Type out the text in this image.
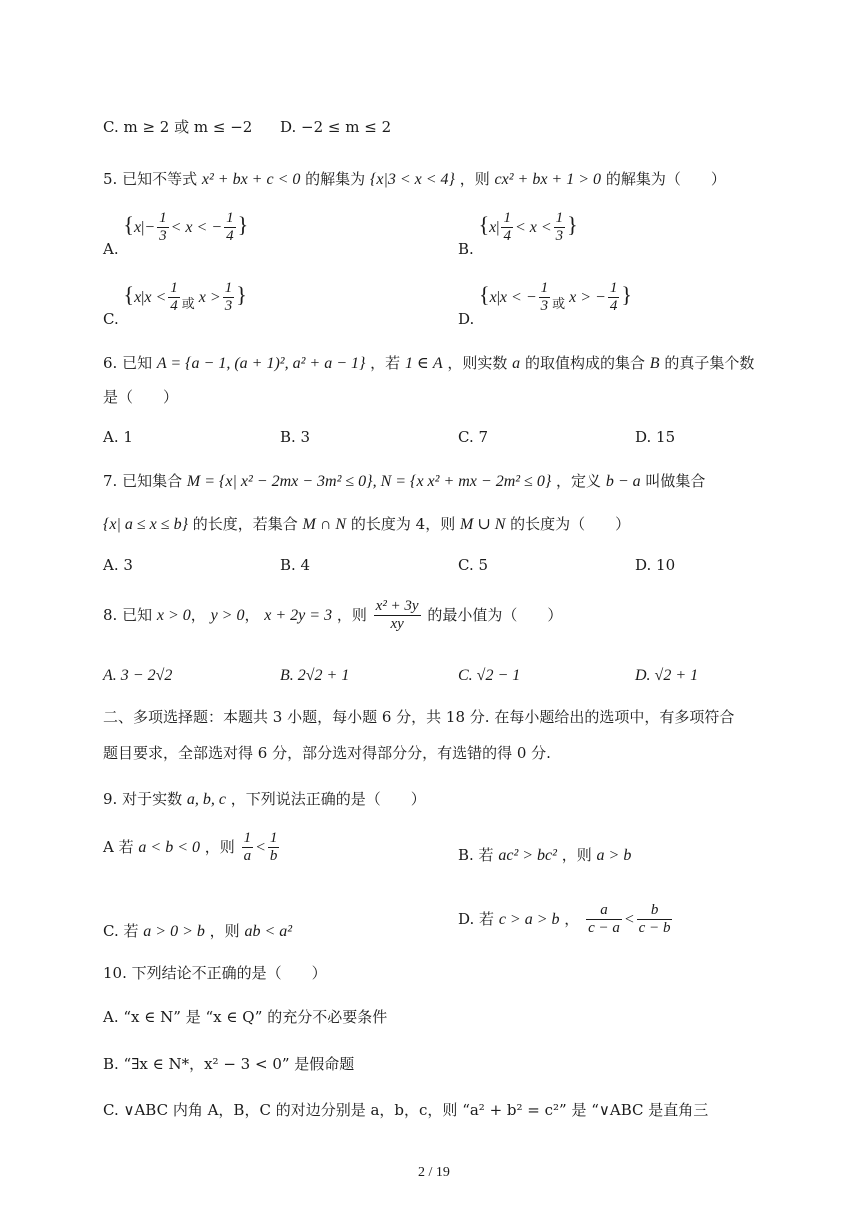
C. m ≥ 2 或 m ≤ −2 D. −2 ≤ m ≤ 2
5. 已知不等式 x² + bx + c < 0 的解集为 {x|3 < x < 4} ，则 cx² + bx + 1 > 0 的解集为（　　）
A. {$x|- \frac{1}{3} < x$ < − $\frac{1}{4}$ }
B. {$x| \frac{1}{4} < x < \frac{1}{3}$ }
C. {$x|x < \frac{1}{4}$ 或 $x > \frac{1}{3}$ }
D. {x|x < − $\frac{1}{3}$ 或 x > − $\frac{1}{4}$ }
6. 已知 A = {a − 1, (a + 1)², a² + a − 1} ，若 1 ∈ A ，则实数 a 的取值构成的集合 B 的真子集个数
是（　　）
A. 1	B. 3	C. 7	D. 15
7. 已知集合 M = {x| x² − 2mx − 3m² ≤ 0}, N = {x x² + mx − 2m² ≤ 0} ，定义 b − a 叫做集合
{x| a ≤ x ≤ b} 的长度，若集合 M ∩ N 的长度为 4，则 M ∪ N 的长度为（　　）
A. 3	B. 4	C. 5	D. 10
8. 已知 x > 0， y > 0， x + 2y = 3 ，则 $\frac{\text{x² + 3y}}{xy}$ 的最小值为（　　）
A. 3 − 2√2	B. 2√2 + 1	C. √2 − 1	D. √2 + 1
二、多项选择题：本题共 3 小题，每小题 6 分，共 18 分. 在每小题给出的选项中，有多项符合
题目要求，全部选对得 6 分，部分选对得部分分，有选错的得 0 分.
9. 对于实数 a, b, c ，下列说法正确的是（　　）
A 若 a < b < 0 ，则 $\frac{1}{a} < \frac{1}{b}$	B. 若 ac² > bc² ，则 a > b
C. 若 a > 0 > b ，则 ab < a²
D. 若 c > a > b ， $\frac{a}{c - a} < \frac{b}{c - b}$
10. 下列结论不正确的是（　　）
A. “x ∈ N” 是 “x ∈ Q” 的充分不必要条件
B. “∃x ∈ N*，x² − 3 < 0” 是假命题
C. ∨ABC 内角 A，B，C 的对边分别是 a，b，c，则 “a² + b² = c²” 是 “∨ABC 是直角三
2 / 19
